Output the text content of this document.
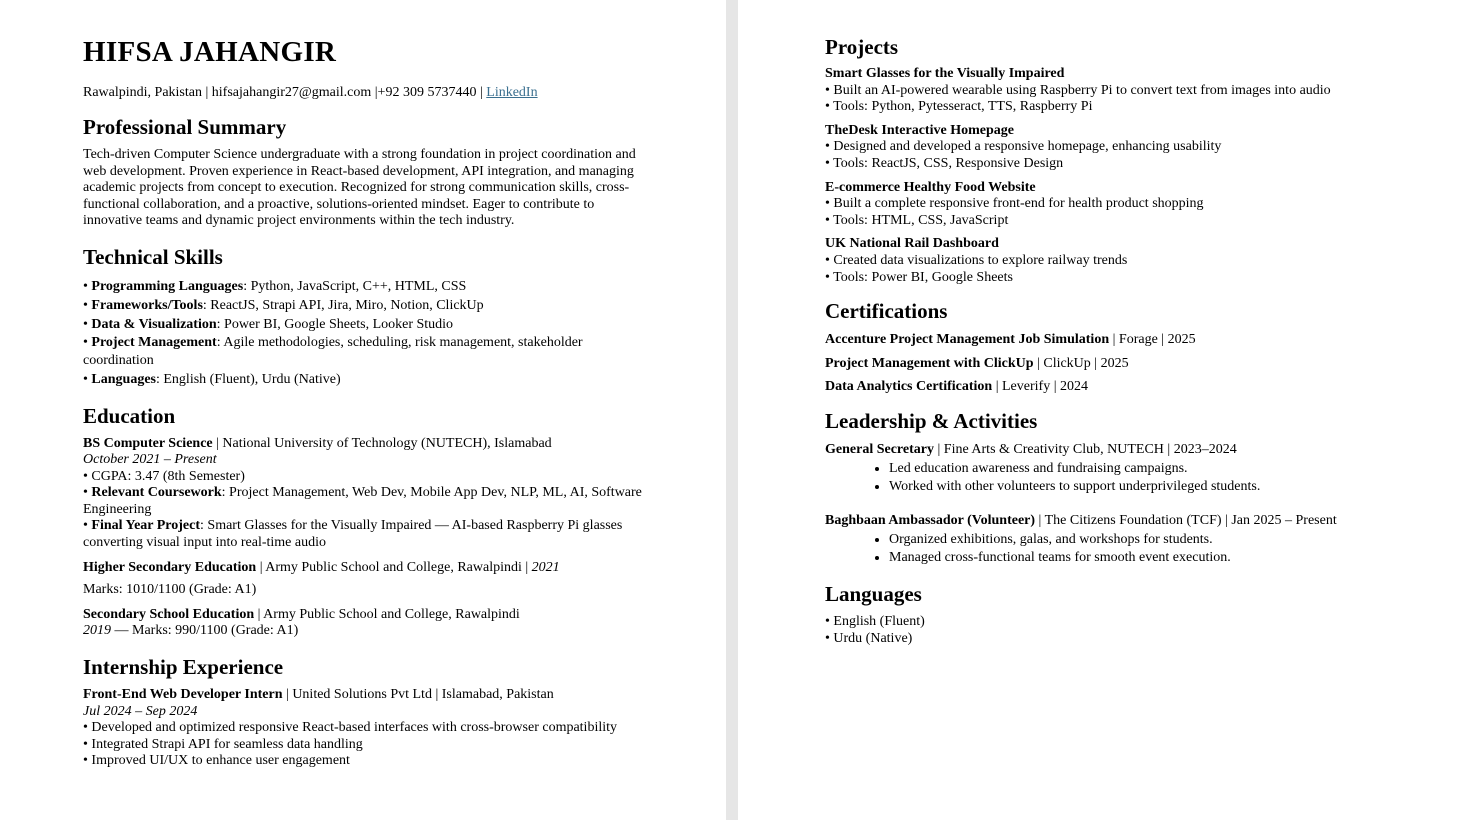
HIFSA JAHANGIR
Rawalpindi, Pakistan | hifsajahangir27@gmail.com |+92 309 5737440 | LinkedIn
Professional Summary
Tech-driven Computer Science undergraduate with a strong foundation in project coordination and web development. Proven experience in React-based development, API integration, and managing academic projects from concept to execution. Recognized for strong communication skills, cross-functional collaboration, and a proactive, solutions-oriented mindset. Eager to contribute to innovative teams and dynamic project environments within the tech industry.
Technical Skills
• Programming Languages: Python, JavaScript, C++, HTML, CSS
• Frameworks/Tools: ReactJS, Strapi API, Jira, Miro, Notion, ClickUp
• Data & Visualization: Power BI, Google Sheets, Looker Studio
• Project Management: Agile methodologies, scheduling, risk management, stakeholder coordination
• Languages: English (Fluent), Urdu (Native)
Education
BS Computer Science | National University of Technology (NUTECH), Islamabad
October 2021 – Present
• CGPA: 3.47 (8th Semester)
• Relevant Coursework: Project Management, Web Dev, Mobile App Dev, NLP, ML, AI, Software Engineering
• Final Year Project: Smart Glasses for the Visually Impaired — AI-based Raspberry Pi glasses converting visual input into real-time audio
Higher Secondary Education | Army Public School and College, Rawalpindi | 2021
Marks: 1010/1100 (Grade: A1)
Secondary School Education | Army Public School and College, Rawalpindi
2019 — Marks: 990/1100 (Grade: A1)
Internship Experience
Front-End Web Developer Intern | United Solutions Pvt Ltd | Islamabad, Pakistan
Jul 2024 – Sep 2024
• Developed and optimized responsive React-based interfaces with cross-browser compatibility
• Integrated Strapi API for seamless data handling
• Improved UI/UX to enhance user engagement
Projects
Smart Glasses for the Visually Impaired
• Built an AI-powered wearable using Raspberry Pi to convert text from images into audio
• Tools: Python, Pytesseract, TTS, Raspberry Pi
TheDesk Interactive Homepage
• Designed and developed a responsive homepage, enhancing usability
• Tools: ReactJS, CSS, Responsive Design
E-commerce Healthy Food Website
• Built a complete responsive front-end for health product shopping
• Tools: HTML, CSS, JavaScript
UK National Rail Dashboard
• Created data visualizations to explore railway trends
• Tools: Power BI, Google Sheets
Certifications
Accenture Project Management Job Simulation | Forage | 2025
Project Management with ClickUp | ClickUp | 2025
Data Analytics Certification | Leverify | 2024
Leadership & Activities
General Secretary | Fine Arts & Creativity Club, NUTECH | 2023–2024
• Led education awareness and fundraising campaigns.
• Worked with other volunteers to support underprivileged students.
Baghbaan Ambassador (Volunteer) | The Citizens Foundation (TCF) | Jan 2025 – Present
• Organized exhibitions, galas, and workshops for students.
• Managed cross-functional teams for smooth event execution.
Languages
• English (Fluent)
• Urdu (Native)
